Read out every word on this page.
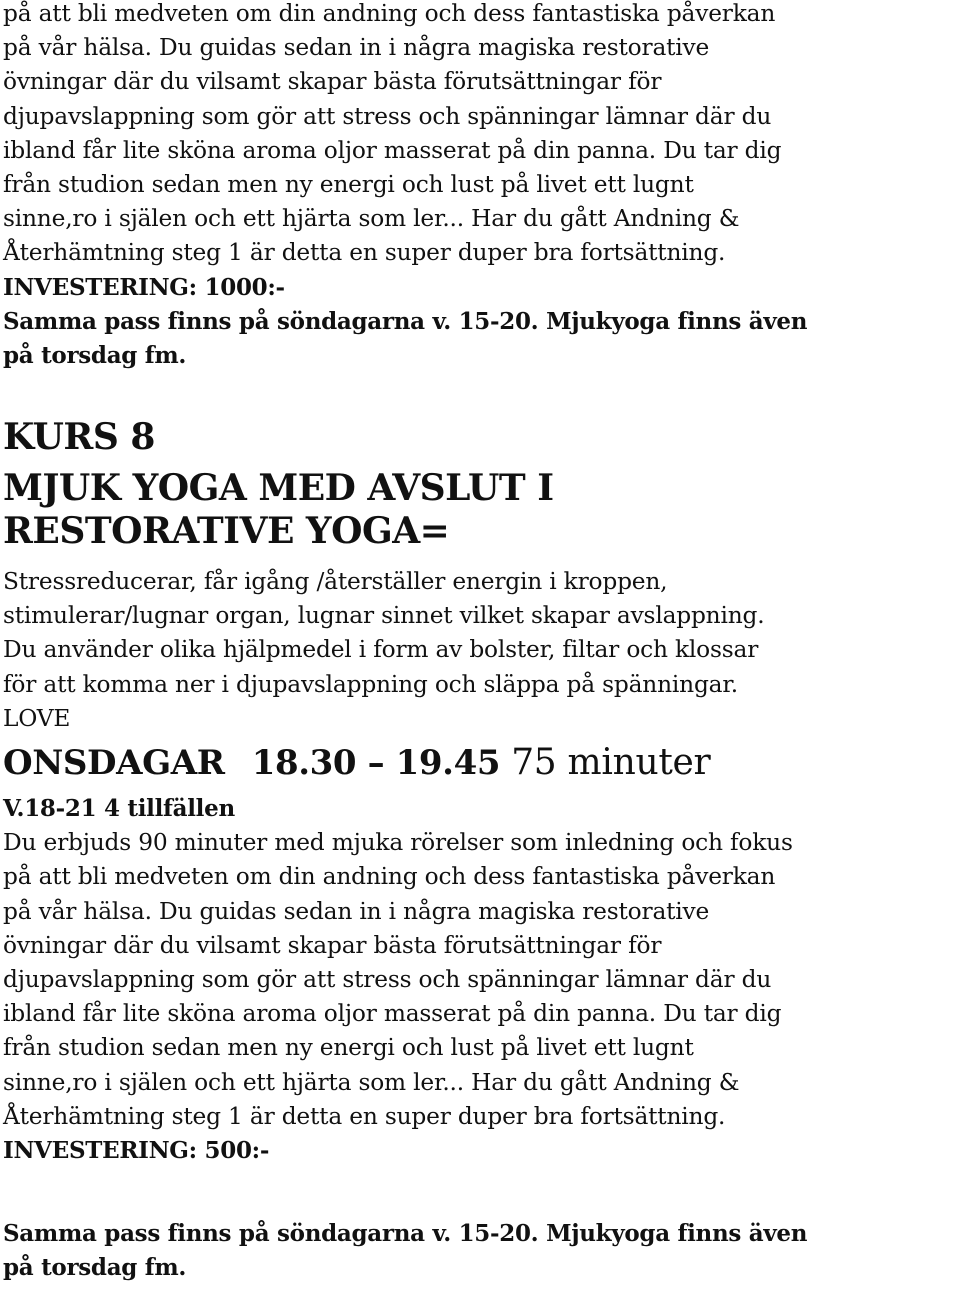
på att bli medveten om din andning och dess fantastiska påverkan
på vår hälsa. Du guidas sedan in i några magiska restorative
övningar där du vilsamt skapar bästa förutsättningar för
djupavslappning som gör att stress och spänningar lämnar där du
ibland får lite sköna aroma oljor masserat på din panna. Du tar dig
från studion sedan men ny energi och lust på livet ett lugnt
sinne,ro i själen och ett hjärta som ler... Har du gått Andning &
Återhämtning steg 1 är detta en super duper bra fortsättning.
INVESTERING: 1000:-
Samma pass finns på söndagarna v. 15-20. Mjukyoga finns även
på torsdag fm.
KURS 8
MJUK YOGA MED AVSLUT I
RESTORATIVE YOGA=
Stressreducerar, får igång /återställer energin i kroppen,
stimulerar/lugnar organ, lugnar sinnet vilket skapar avslappning.
Du använder olika hjälpmedel i form av bolster, filtar och klossar
för att komma ner i djupavslappning och släppa på spänningar.
LOVE
ONSDAGAR 18.30 – 19.45 75 minuter
V.18-21 4 tillfällen
Du erbjuds 90 minuter med mjuka rörelser som inledning och fokus
på att bli medveten om din andning och dess fantastiska påverkan
på vår hälsa. Du guidas sedan in i några magiska restorative
övningar där du vilsamt skapar bästa förutsättningar för
djupavslappning som gör att stress och spänningar lämnar där du
ibland får lite sköna aroma oljor masserat på din panna. Du tar dig
från studion sedan men ny energi och lust på livet ett lugnt
sinne,ro i själen och ett hjärta som ler... Har du gått Andning &
Återhämtning steg 1 är detta en super duper bra fortsättning.
INVESTERING: 500:-
Samma pass finns på söndagarna v. 15-20. Mjukyoga finns även
på torsdag fm.
